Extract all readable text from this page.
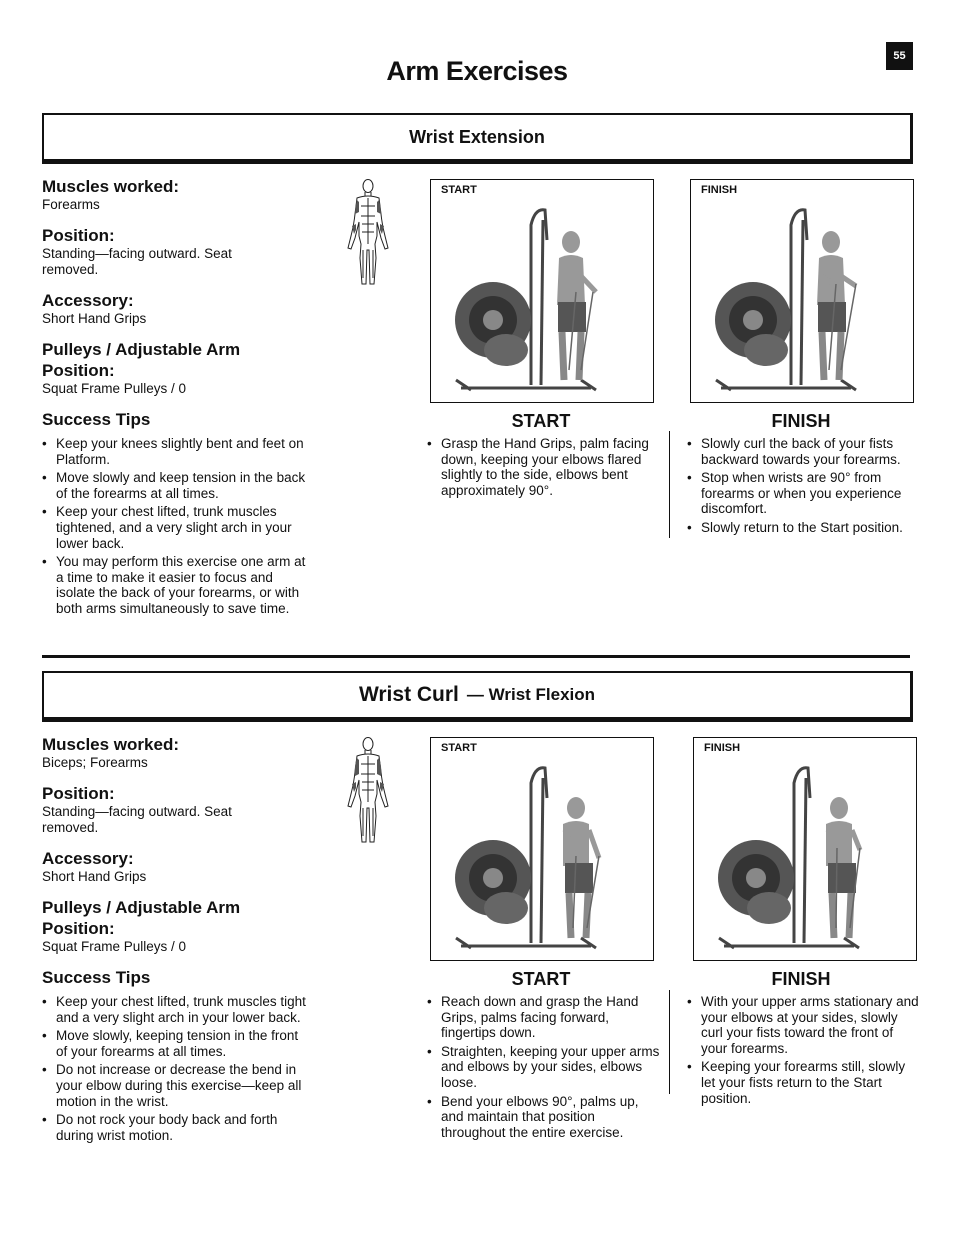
55
Arm Exercises
Wrist Extension

Muscles worked:

Forearms

Position:

Standing—facing outward. Seat removed.

Accessory:

Short Hand Grips

Pulleys / Adjustable Arm Position:

Squat Frame Pulleys / 0

Success Tips

• Keep your knees slightly bent and feet on Platform.
• Move slowly and keep tension in the back of the forearms at all times.
• Keep your chest lifted, trunk muscles tightened, and a very slight arch in your lower back.
• You may perform this exercise one arm at a time to make it easier to focus and isolate the back of your forearms, or with both arms simultaneously to save time.
START	FINISH
START	FINISH
• Grasp the Hand Grips, palm facing down, keeping your elbows flared slightly to the side, elbows bent approximately 90°.
• Slowly curl the back of your fists backward towards your forearms.
• Stop when wrists are 90° from forearms or when you experience discomfort.
• Slowly return to the Start position.
Wrist Curl — Wrist Flexion

Muscles worked:

Biceps; Forearms

Position:

Standing—facing outward. Seat removed.

Accessory:

Short Hand Grips

Pulleys / Adjustable Arm Position:

Squat Frame Pulleys / 0

Success Tips

• Keep your chest lifted, trunk muscles tight and a very slight arch in your lower back.
• Move slowly, keeping tension in the front of your forearms at all times.
• Do not increase or decrease the bend in your elbow during this exercise—keep all motion in the wrist.
• Do not rock your body back and forth during wrist motion.
START	FINISH
START	FINISH
• Reach down and grasp the Hand Grips, palms facing forward, fingertips down.
• Straighten, keeping your upper arms and elbows by your sides, elbows loose.
• Bend your elbows 90°, palms up, and maintain that position throughout the entire exercise.
• With your upper arms stationary and your elbows at your sides, slowly curl your fists toward the front of your forearms.
• Keeping your forearms still, slowly let your fists return to the Start position.
